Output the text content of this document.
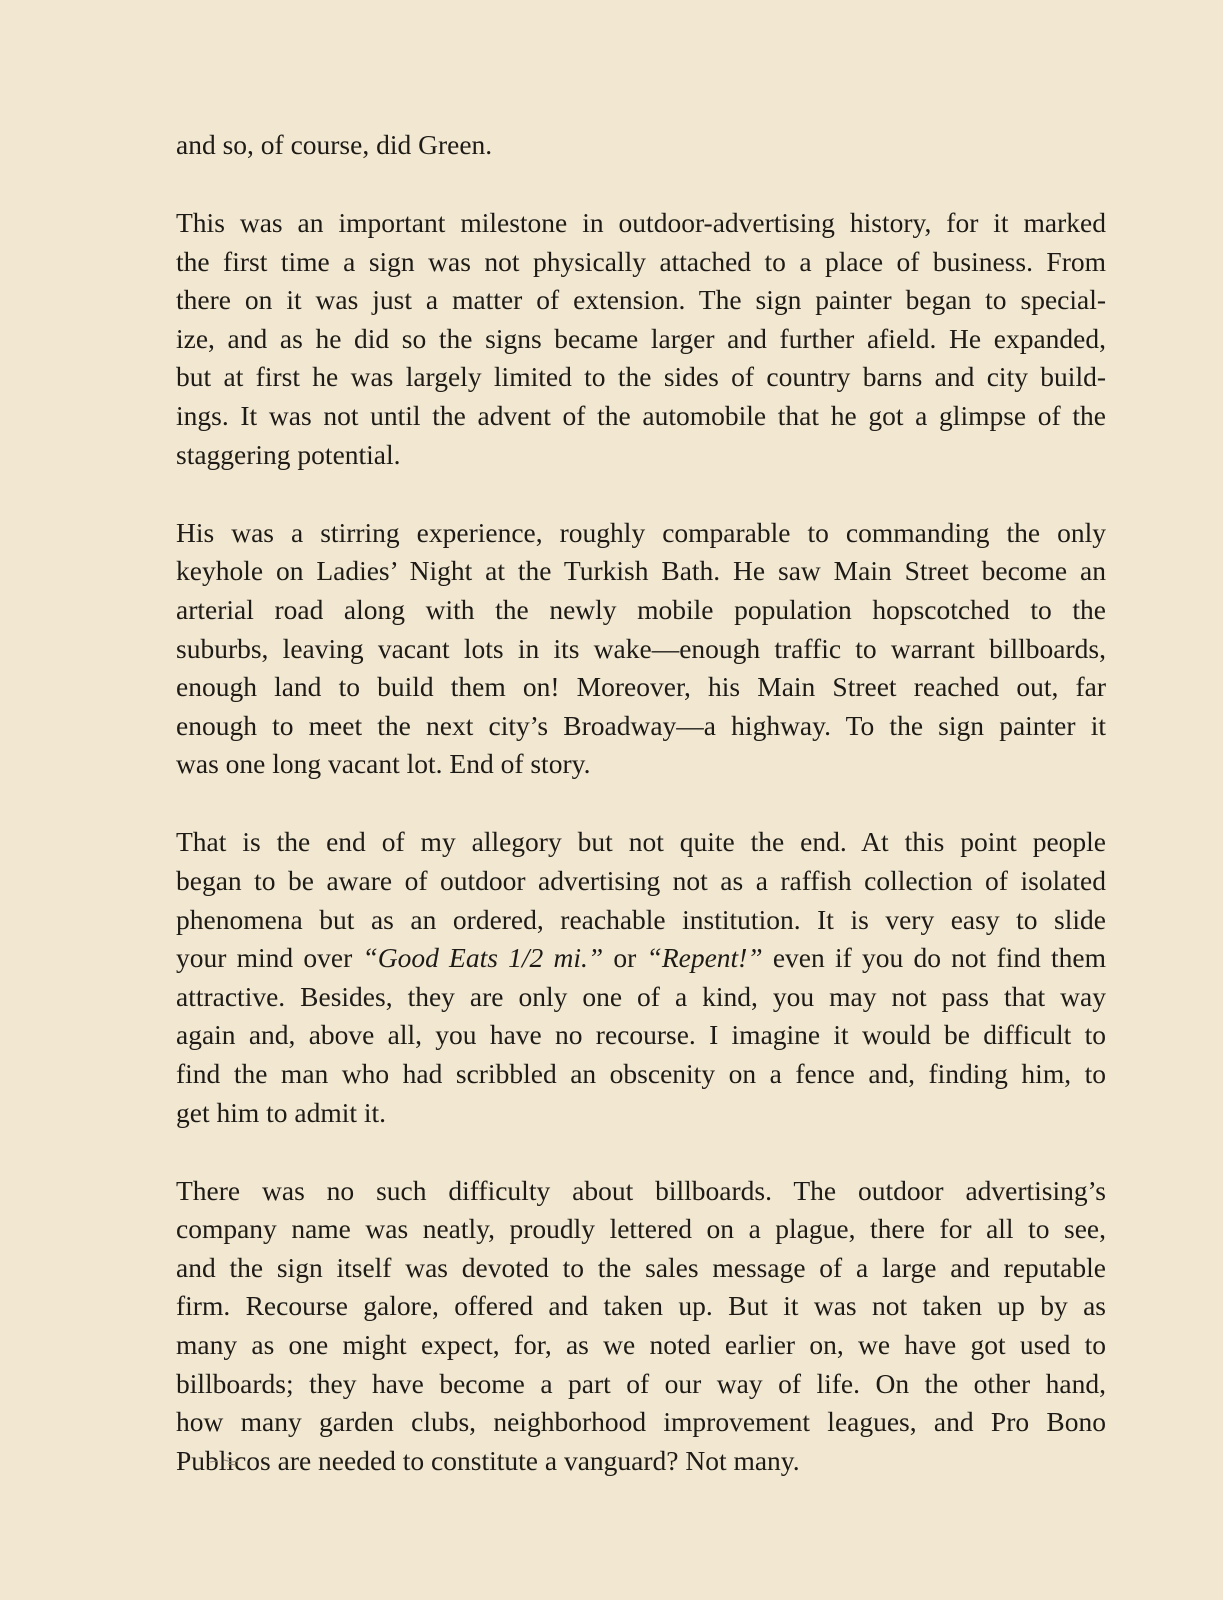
and so, of course, did Green.
This was an important milestone in outdoor-advertising history, for it marked
the first time a sign was not physically attached to a place of business. From
there on it was just a matter of extension. The sign painter began to special-
ize, and as he did so the signs became larger and further afield. He expanded,
but at first he was largely limited to the sides of country barns and city build-
ings. It was not until the advent of the automobile that he got a glimpse of the
staggering potential.
His was a stirring experience, roughly comparable to commanding the only
keyhole on Ladies’ Night at the Turkish Bath. He saw Main Street become an
arterial road along with the newly mobile population hopscotched to the
suburbs, leaving vacant lots in its wake—enough traffic to warrant billboards,
enough land to build them on! Moreover, his Main Street reached out, far
enough to meet the next city’s Broadway—a highway. To the sign painter it
was one long vacant lot. End of story.
That is the end of my allegory but not quite the end. At this point people
began to be aware of outdoor advertising not as a raffish collection of isolated
phenomena but as an ordered, reachable institution. It is very easy to slide
your mind over “Good Eats 1/2 mi.” or “Repent!” even if you do not find them
attractive. Besides, they are only one of a kind, you may not pass that way
again and, above all, you have no recourse. I imagine it would be difficult to
find the man who had scribbled an obscenity on a fence and, finding him, to
get him to admit it.
There was no such difficulty about billboards. The outdoor advertising’s
company name was neatly, proudly lettered on a plague, there for all to see,
and the sign itself was devoted to the sales message of a large and reputable
firm. Recourse galore, offered and taken up. But it was not taken up by as
many as one might expect, for, as we noted earlier on, we have got used to
billboards; they have become a part of our way of life. On the other hand,
how many garden clubs, neighborhood improvement leagues, and Pro Bono
Publicos are needed to constitute a vanguard? Not many.
